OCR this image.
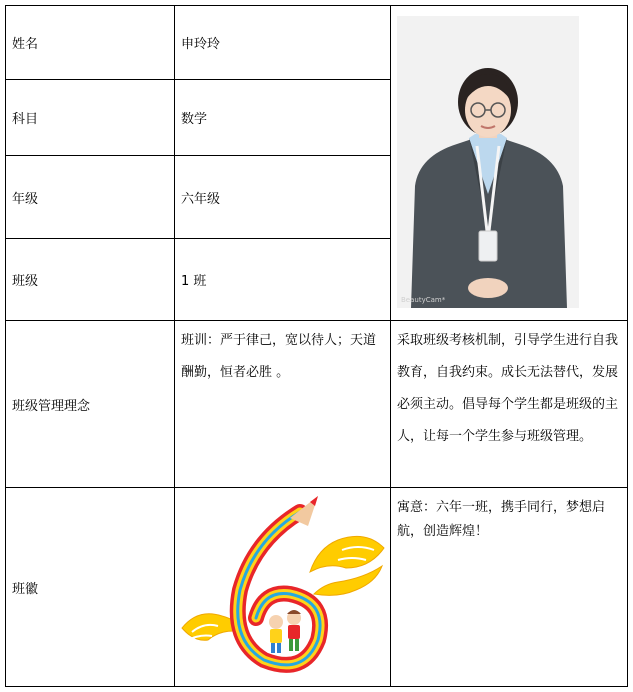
姓名	申玲玲	BeautyCam*

科目	数学	
年级	六年级	
班级	1 班	
班级管理理念	班训：严于律己，宽以待人；天道酬勤，恒者必胜 。	采取班级考核机制，引导学生进行自我教育，自我约束。成长无法替代，发展必须主动。倡导每个学生都是班级的主人，让每一个学生参与班级管理。
班徽		寓意：六年一班，携手同行，梦想启航，创造辉煌！
